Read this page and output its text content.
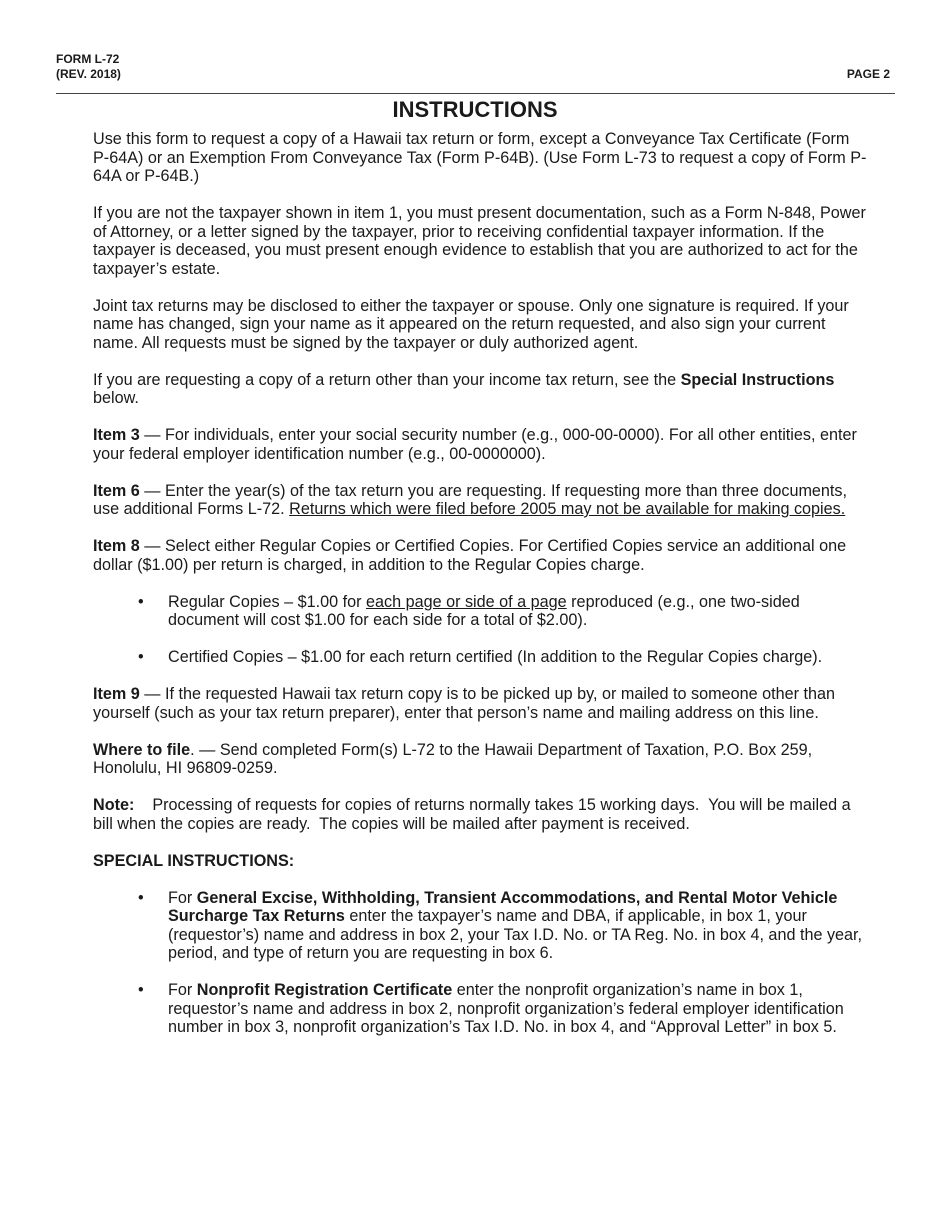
FORM L-72
(REV. 2018)	PAGE 2
INSTRUCTIONS

Use this form to request a copy of a Hawaii tax return or form, except a Conveyance Tax Certificate (Form P-64A) or an Exemption From Conveyance Tax (Form P-64B). (Use Form L-73 to request a copy of Form P-64A or P-64B.)

If you are not the taxpayer shown in item 1, you must present documentation, such as a Form N-848, Power of Attorney, or a letter signed by the taxpayer, prior to receiving confidential taxpayer information. If the taxpayer is deceased, you must present enough evidence to establish that you are authorized to act for the taxpayer’s estate.

Joint tax returns may be disclosed to either the taxpayer or spouse. Only one signature is required. If your name has changed, sign your name as it appeared on the return requested, and also sign your current name. All requests must be signed by the taxpayer or duly authorized agent.

If you are requesting a copy of a return other than your income tax return, see the Special Instructions below.

Item 3 — For individuals, enter your social security number (e.g., 000-00-0000). For all other entities, enter your federal employer identification number (e.g., 00-0000000).

Item 6 — Enter the year(s) of the tax return you are requesting. If requesting more than three documents, use additional Forms L-72. Returns which were filed before 2005 may not be available for making copies.

Item 8 — Select either Regular Copies or Certified Copies. For Certified Copies service an additional one dollar ($1.00) per return is charged, in addition to the Regular Copies charge.

• Regular Copies – $1.00 for each page or side of a page reproduced (e.g., one two-sided document will cost $1.00 for each side for a total of $2.00).
• Certified Copies – $1.00 for each return certified (In addition to the Regular Copies charge).

Item 9 — If the requested Hawaii tax return copy is to be picked up by, or mailed to someone other than yourself (such as your tax return preparer), enter that person’s name and mailing address on this line.

Where to file. — Send completed Form(s) L-72 to the Hawaii Department of Taxation, P.O. Box 259, Honolulu, HI 96809-0259.

Note:    Processing of requests for copies of returns normally takes 15 working days.  You will be mailed a bill when the copies are ready.  The copies will be mailed after payment is received.

SPECIAL INSTRUCTIONS:
• For General Excise, Withholding, Transient Accommodations, and Rental Motor Vehicle Surcharge Tax Returns enter the taxpayer’s name and DBA, if applicable, in box 1, your (requestor’s) name and address in box 2, your Tax I.D. No. or TA Reg. No. in box 4, and the year, period, and type of return you are requesting in box 6.
• For Nonprofit Registration Certificate enter the nonprofit organization’s name in box 1, requestor’s name and address in box 2, nonprofit organization’s federal employer identification number in box 3, nonprofit organization’s Tax I.D. No. in box 4, and “Approval Letter” in box 5.
